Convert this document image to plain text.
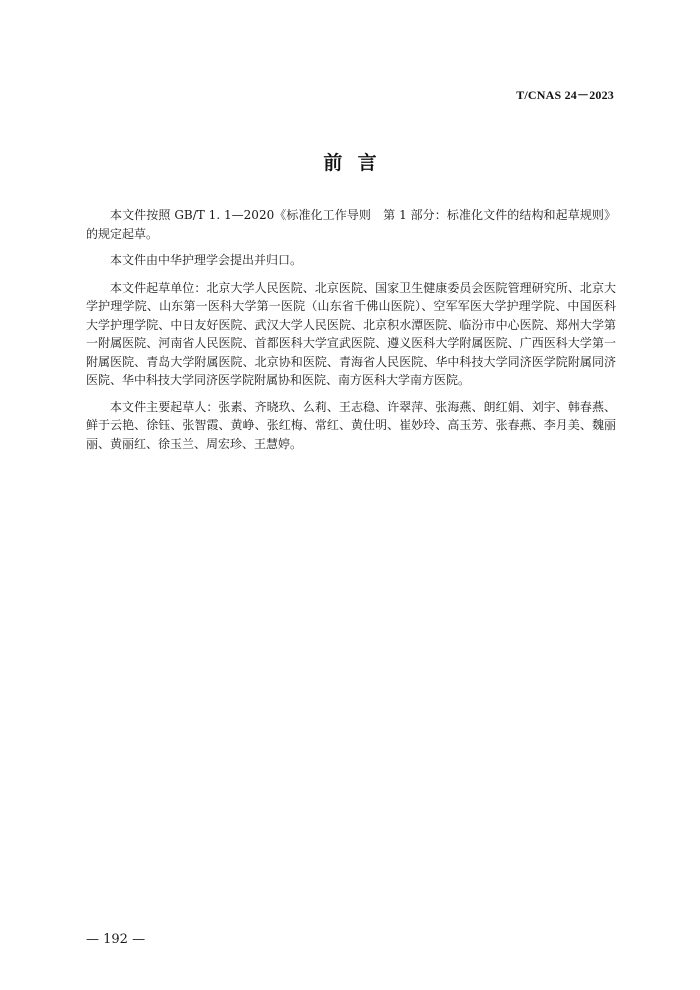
T/CNAS 24－2023
前言

本文件按照 GB/T 1. 1—2020《标准化工作导则　第 1 部分：标准化文件的结构和起草规则》的规定起草。

本文件由中华护理学会提出并归口。

本文件起草单位：北京大学人民医院、北京医院、国家卫生健康委员会医院管理研究所、北京大学护理学院、山东第一医科大学第一医院（山东省千佛山医院）、空军军医大学护理学院、中国医科大学护理学院、中日友好医院、武汉大学人民医院、北京积水潭医院、临汾市中心医院、郑州大学第一附属医院、河南省人民医院、首都医科大学宣武医院、遵义医科大学附属医院、广西医科大学第一附属医院、青岛大学附属医院、北京协和医院、青海省人民医院、华中科技大学同济医学院附属同济医院、华中科技大学同济医学院附属协和医院、南方医科大学南方医院。

本文件主要起草人：张素、齐晓玖、么莉、王志稳、许翠萍、张海燕、朗红娟、刘宇、韩春燕、鲜于云艳、徐钰、张智霞、黄峥、张红梅、常红、黄仕明、崔妙玲、高玉芳、张春燕、李月美、魏丽丽、黄丽红、徐玉兰、周宏珍、王慧婷。

— 192 —
